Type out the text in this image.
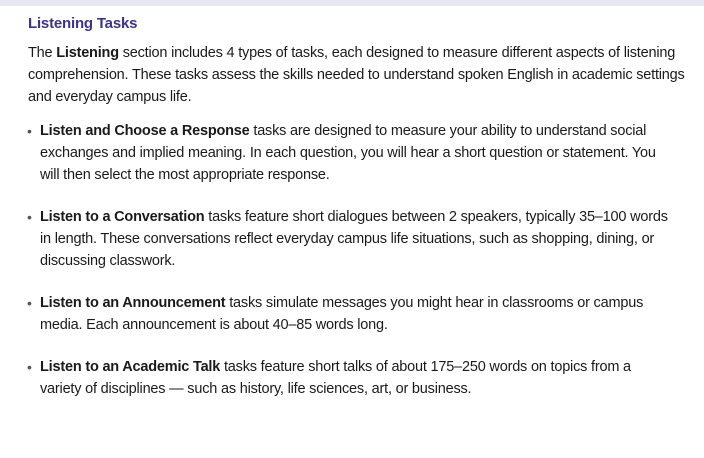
Listening Tasks

The Listening section includes 4 types of tasks, each designed to measure different aspects of listening comprehension. These tasks assess the skills needed to understand spoken English in academic settings and everyday campus life.

• Listen and Choose a Response tasks are designed to measure your ability to understand social exchanges and implied meaning. In each question, you will hear a short question or statement. You will then select the most appropriate response.
• Listen to a Conversation tasks feature short dialogues between 2 speakers, typically 35–100 words in length. These conversations reflect everyday campus life situations, such as shopping, dining, or discussing classwork.
• Listen to an Announcement tasks simulate messages you might hear in classrooms or campus media. Each announcement is about 40–85 words long.
• Listen to an Academic Talk tasks feature short talks of about 175–250 words on topics from a variety of disciplines — such as history, life sciences, art, or business.
